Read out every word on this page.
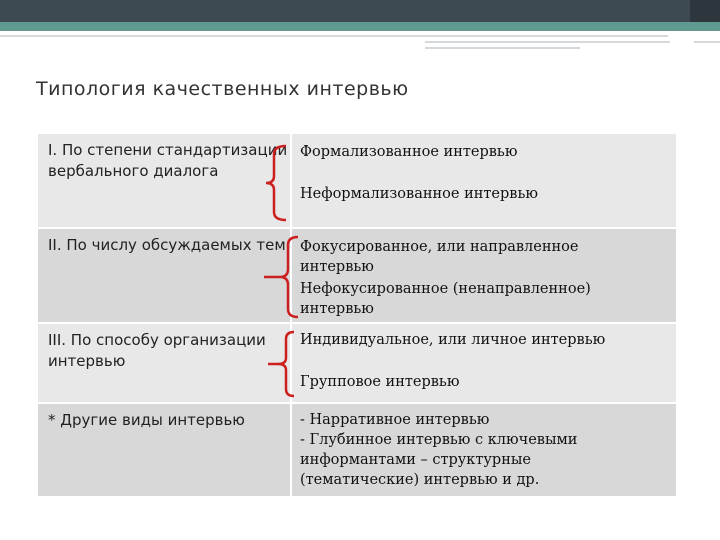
Типология качественных интервью
I. По степени стандартизации вербального диалога
Формализованное интервью
Неформализованное интервью
II. По числу обсуждаемых тем Фокусированное, или направленное интервью
Нефокусированное (ненаправленное) интервью
III. По способу организации интервью
Индивидуальное, или личное интервью
Групповое интервью
* Другие виды интервью	- Нарративное интервью
- Глубинное интервью с ключевыми информантами – структурные (тематические) интервью и др.
